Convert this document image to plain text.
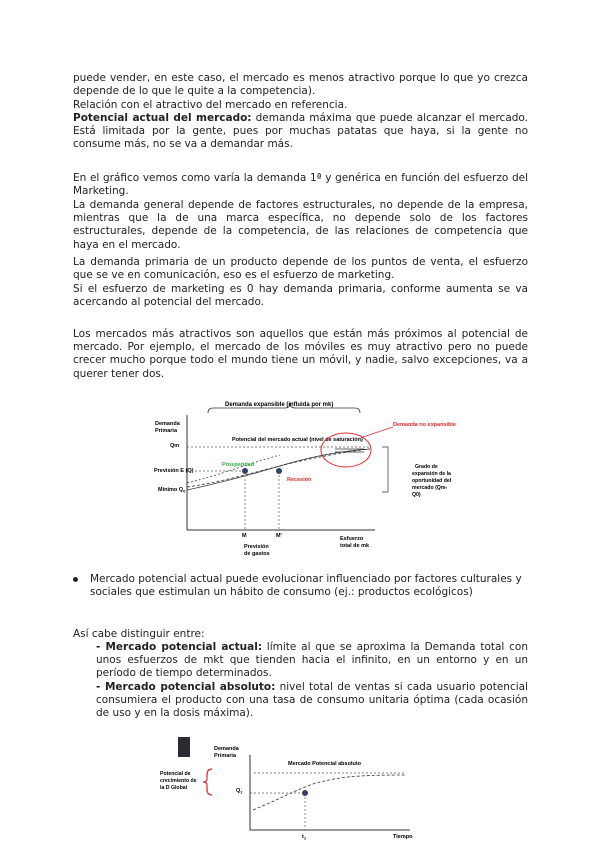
puede vender, en este caso, el mercado es menos atractivo porque lo que yo crezca depende de lo que le quite a la competencia).

Relación con el atractivo del mercado en referencia.

Potencial actual del mercado: demanda máxima que puede alcanzar el mercado. Está limitada por la gente, pues por muchas patatas que haya, si la gente no consume más, no se va a demandar más.

En el gráfico vemos como varía la demanda 1ª y genérica en función del esfuerzo del Marketing.

La demanda general depende de factores estructurales, no depende de la empresa, mientras que la de una marca específica, no depende solo de los factores estructurales, depende de la competencia, de las relaciones de competencia que haya en el mercado.

La demanda primaria de un producto depende de los puntos de venta, el esfuerzo que se ve en comunicación, eso es el esfuerzo de marketing.

Si el esfuerzo de marketing es 0 hay demanda primaria, conforme aumenta se va acercando al potencial del mercado.

Los mercados más atractivos son aquellos que están más próximos al potencial de mercado. Por ejemplo, el mercado de los móviles es muy atractivo pero no puede crecer mucho porque todo el mundo tiene un móvil, y nadie, salvo excepciones, va a querer tener dos.

Demanda expansible (influida por mk)
Demanda
Primaria
Qm
Potencial del mercado actual (nivel de saturación)
Demanda no expansible
Previsión E (Q)
Mínimo $Q_0$
Prosperidad
Recesión
Grado de
expansión de la
oportunidad del
mercado (Qm-
Q0)
M	M'
Previsión
de gastos
Esfuerzo
total de mk
Mercado potencial actual puede evolucionar influenciado por factores culturales y sociales que estimulan un hábito de consumo (ej.: productos ecológicos)

Así cabe distinguir entre:

- Mercado potencial actual: límite al que se aproxima la Demanda total con unos esfuerzos de mkt que tienden hacia el infinito, en un entorno y en un período de tiempo determinados.

- Mercado potencial absoluto: nivel total de ventas si cada usuario potencial consumiera el producto con una tasa de consumo unitaria óptima (cada ocasión de uso y en la dosis máxima).

Demanda
Primaria
Mercado Potencial absoluto
Potencial de
crecimiento de
la D Global	$Q_1$
$t_1$	Tiempo
